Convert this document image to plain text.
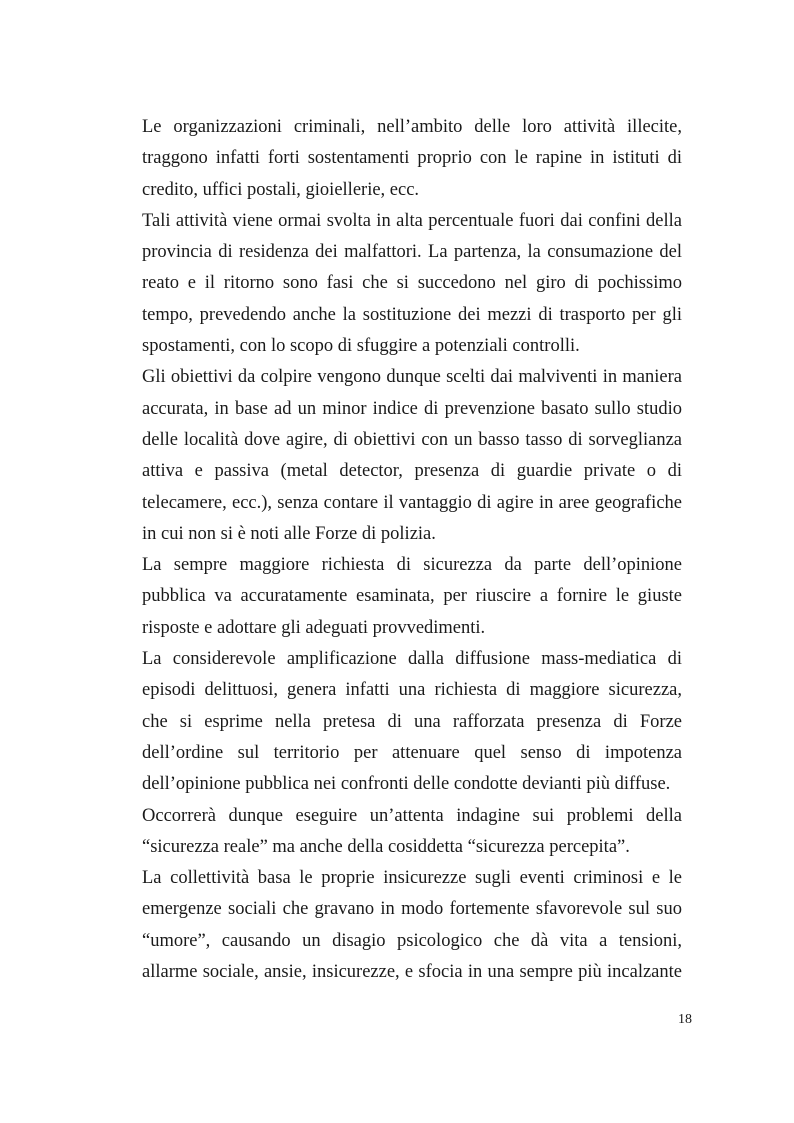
Le organizzazioni criminali, nell’ambito delle loro attività illecite,
traggono infatti forti sostentamenti proprio con le rapine in istituti di
credito, uffici postali, gioiellerie, ecc.
Tali attività viene ormai svolta in alta percentuale fuori dai confini della
provincia di residenza dei malfattori. La partenza, la consumazione del
reato e il ritorno sono fasi che si succedono nel giro di pochissimo
tempo, prevedendo anche la sostituzione dei mezzi di trasporto per gli
spostamenti, con lo scopo di sfuggire a potenziali controlli.
Gli obiettivi da colpire vengono dunque scelti dai malviventi in maniera
accurata, in base ad un minor indice di prevenzione basato sullo studio
delle località dove agire, di obiettivi con un basso tasso di sorveglianza
attiva e passiva (metal detector, presenza di guardie private o di
telecamere, ecc.), senza contare il vantaggio di agire in aree geografiche
in cui non si è noti alle Forze di polizia.
La sempre maggiore richiesta di sicurezza da parte dell’opinione
pubblica va accuratamente esaminata, per riuscire a fornire le giuste
risposte e adottare gli adeguati provvedimenti.
La considerevole amplificazione dalla diffusione mass-mediatica di
episodi delittuosi, genera infatti una richiesta di maggiore sicurezza,
che si esprime nella pretesa di una rafforzata presenza di Forze
dell’ordine sul territorio per attenuare quel senso di impotenza
dell’opinione pubblica nei confronti delle condotte devianti più diffuse.
Occorrerà dunque eseguire un’attenta indagine sui problemi della
“sicurezza reale” ma anche della cosiddetta “sicurezza percepita”.
La collettività basa le proprie insicurezze sugli eventi criminosi e le
emergenze sociali che gravano in modo fortemente sfavorevole sul suo
“umore”, causando un disagio psicologico che dà vita a tensioni,
allarme sociale, ansie, insicurezze, e sfocia in una sempre più incalzante
18
